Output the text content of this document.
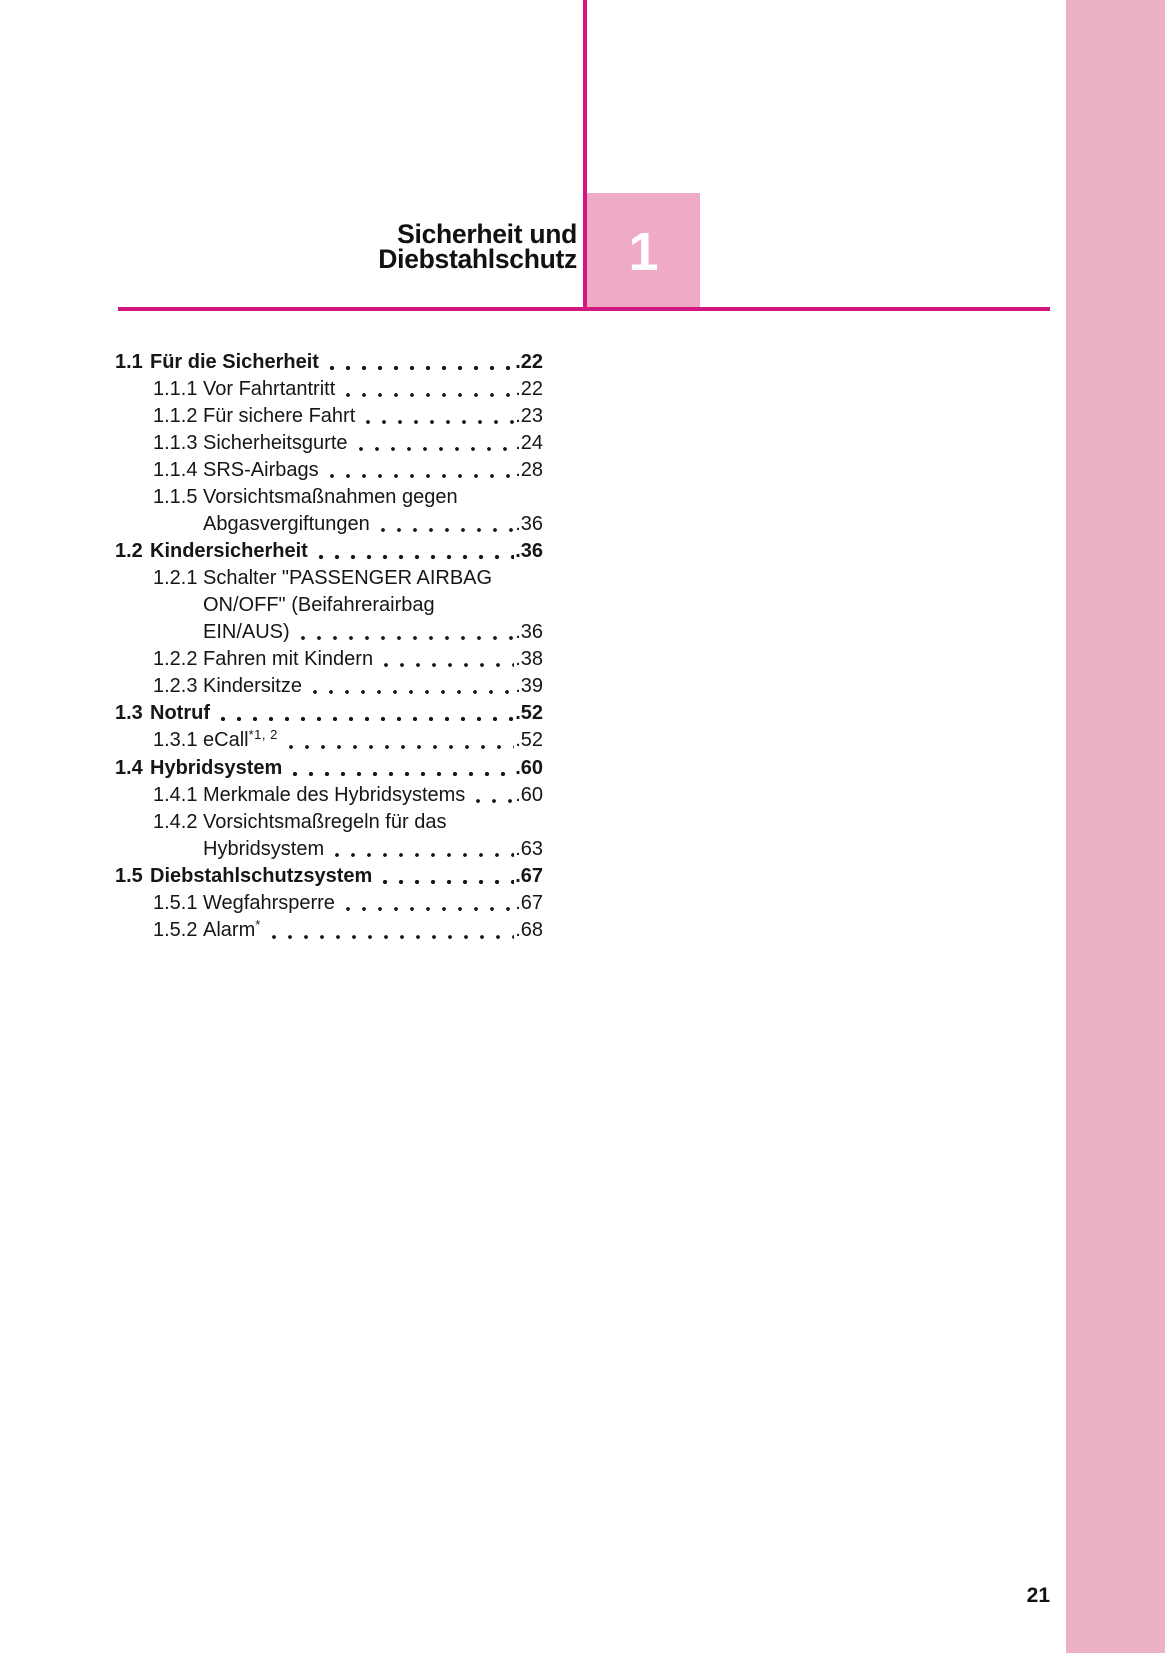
Sicherheit und
Diebstahlschutz 1
1.1 Für die Sicherheit	.22
1.1.1 Vor Fahrtantritt	.22
1.1.2 Für sichere Fahrt	.23
1.1.3 Sicherheitsgurte	.24
1.1.4 SRS-Airbags	.28
1.1.5 Vorsichtsmaßnahmen gegen
Abgasvergiftungen	.36
1.2 Kindersicherheit	.36
1.2.1 Schalter "PASSENGER AIRBAG
ON/OFF" (Beifahrerairbag
EIN/AUS)	.36
1.2.2 Fahren mit Kindern	.38
1.2.3 Kindersitze	.39
1.3 Notruf	.52
1.3.1 eCall$^{*1, 2}$	.52
1.4 Hybridsystem	.60
1.4.1 Merkmale des Hybridsystems .60
1.4.2 Vorsichtsmaßregeln für das
Hybridsystem	.63
1.5 Diebstahlschutzsystem	.67
1.5.1 Wegfahrsperre	.67
1.5.2 Alarm*	.68
21
